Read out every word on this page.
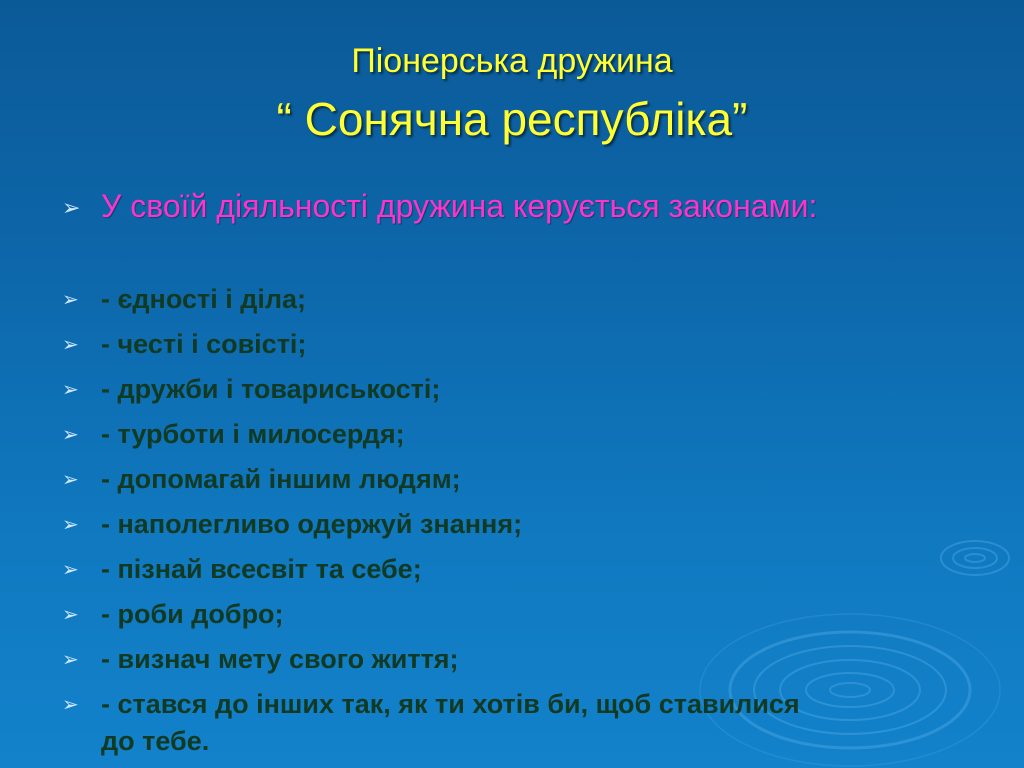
Піонерська дружина
“ Сонячна республіка”
➢ У своїй діяльності дружина керується законами:
➢ - єдності і діла;
➢ - честі і совісті;
➢ - дружби і товариськості;
➢ - турботи і милосердя;
➢ - допомагай іншим людям;
➢ - наполегливо одержуй знання;
➢ - пізнай всесвіт та себе;
➢ - роби добро;
➢ - визнач мету свого життя;
➢ - стався до інших так, як ти хотів би, щоб ставилися до тебе.
